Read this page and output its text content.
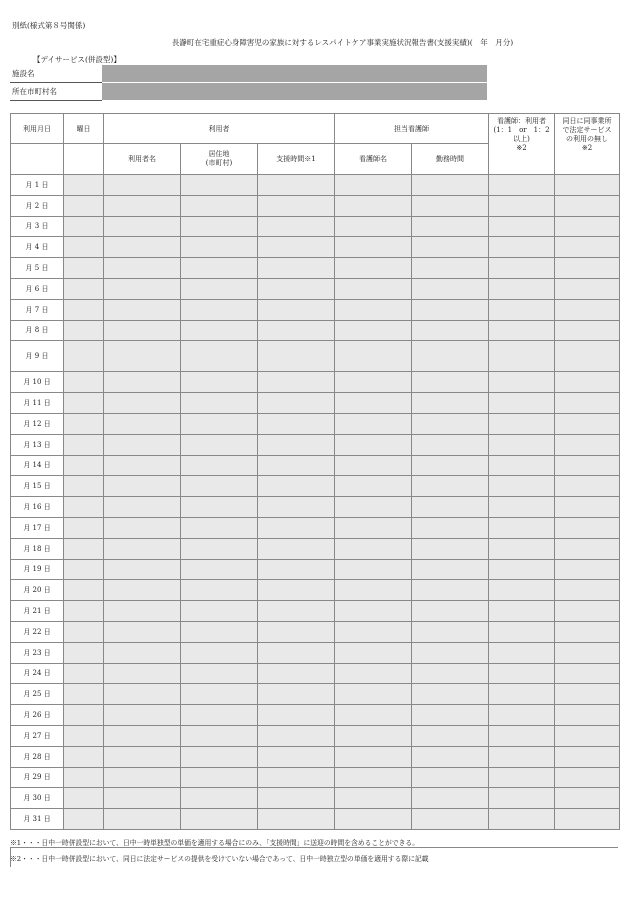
別紙(様式第８号関係)
長瀞町在宅重症心身障害児の家族に対するレスパイトケア事業実施状況報告書(支援実績)(　年　月分)
【デイサービス(併設型)】
施設名	
所在市町村名	
利用月日	曜日	利用者			担当看護師		看護師：利用者
(1：1　or　1：2
以上)
※2	同日に同事業所
で法定サービス
の利用の無し
※2
		利用者名	居住地
(市町村)	支援時間※1	看護師名	勤務時間		
月 1 日								
月 2 日								
月 3 日								
月 4 日								
月 5 日								
月 6 日								
月 7 日								
月 8 日								
月 9 日								
月 10 日								
月 11 日								
月 12 日								
月 13 日								
月 14 日								
月 15 日								
月 16 日								
月 17 日								
月 18 日								
月 19 日								
月 20 日								
月 21 日								
月 22 日								
月 23 日								
月 24 日								
月 25 日								
月 26 日								
月 27 日								
月 28 日								
月 29 日								
月 30 日								
月 31 日								
※1・・・日中一時併設型において、日中一時単独型の単価を適用する場合にのみ、「支援時間」に送迎の時間を含めることができる。
※2・・・日中一時併設型において、同日に法定サービスの提供を受けていない場合であって、日中一時独立型の単価を適用する際に記載
